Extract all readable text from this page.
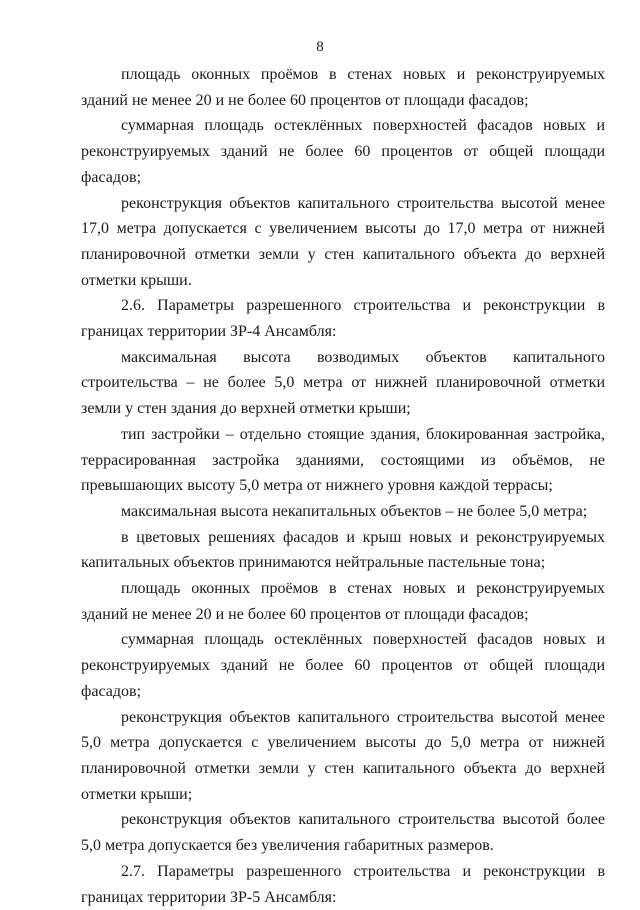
8

площадь оконных проёмов в стенах новых и реконструируемых зданий не менее 20 и не более 60 процентов от площади фасадов;

суммарная площадь остеклённых поверхностей фасадов новых и реконструируемых зданий не более 60 процентов от общей площади фасадов;

реконструкция объектов капитального строительства высотой менее 17,0 метра допускается с увеличением высоты до 17,0 метра от нижней планировочной отметки земли у стен капитального объекта до верхней отметки крыши.

2.6. Параметры разрешенного строительства и реконструкции в границах территории ЗР-4 Ансамбля:

максимальная высота возводимых объектов капитального строительства – не более 5,0 метра от нижней планировочной отметки земли у стен здания до верхней отметки крыши;

тип застройки – отдельно стоящие здания, блокированная застройка, террасированная застройка зданиями, состоящими из объёмов, не превышающих высоту 5,0 метра от нижнего уровня каждой террасы;

максимальная высота некапитальных объектов – не более 5,0 метра;

в цветовых решениях фасадов и крыш новых и реконструируемых капитальных объектов принимаются нейтральные пастельные тона;

площадь оконных проёмов в стенах новых и реконструируемых зданий не менее 20 и не более 60 процентов от площади фасадов;

суммарная площадь остеклённых поверхностей фасадов новых и реконструируемых зданий не более 60 процентов от общей площади фасадов;

реконструкция объектов капитального строительства высотой менее 5,0 метра допускается с увеличением высоты до 5,0 метра от нижней планировочной отметки земли у стен капитального объекта до верхней отметки крыши;

реконструкция объектов капитального строительства высотой более 5,0 метра допускается без увеличения габаритных размеров.

2.7. Параметры разрешенного строительства и реконструкции в границах территории ЗР-5 Ансамбля:
